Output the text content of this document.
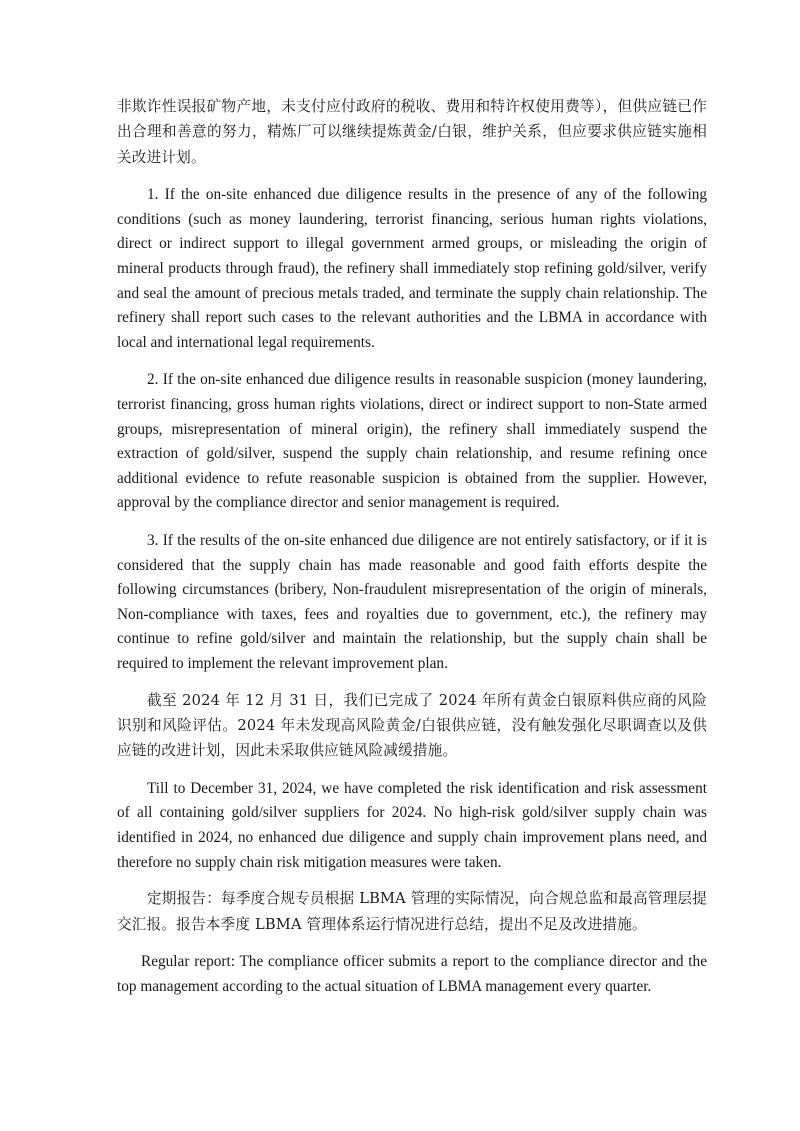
非欺诈性误报矿物产地，未支付应付政府的税收、费用和特许权使用费等），但供应链已作出合理和善意的努力，精炼厂可以继续提炼黄金/白银，维护关系，但应要求供应链实施相关改进计划。

1. If the on-site enhanced due diligence results in the presence of any of the following conditions (such as money laundering, terrorist financing, serious human rights violations, direct or indirect support to illegal government armed groups, or misleading the origin of mineral products through fraud), the refinery shall immediately stop refining gold/silver, verify and seal the amount of precious metals traded, and terminate the supply chain relationship. The refinery shall report such cases to the relevant authorities and the LBMA in accordance with local and international legal requirements.

2. If the on-site enhanced due diligence results in reasonable suspicion (money laundering, terrorist financing, gross human rights violations, direct or indirect support to non-State armed groups, misrepresentation of mineral origin), the refinery shall immediately suspend the extraction of gold/silver, suspend the supply chain relationship, and resume refining once additional evidence to refute reasonable suspicion is obtained from the supplier. However, approval by the compliance director and senior management is required.

3. If the results of the on-site enhanced due diligence are not entirely satisfactory, or if it is considered that the supply chain has made reasonable and good faith efforts despite the following circumstances (bribery, Non-fraudulent misrepresentation of the origin of minerals, Non-compliance with taxes, fees and royalties due to government, etc.), the refinery may continue to refine gold/silver and maintain the relationship, but the supply chain shall be required to implement the relevant improvement plan.

截至 2024 年 12 月 31 日，我们已完成了 2024 年所有黄金白银原料供应商的风险识别和风险评估。2024 年未发现高风险黄金/白银供应链，没有触发强化尽职调查以及供应链的改进计划，因此未采取供应链风险减缓措施。

Till to December 31, 2024, we have completed the risk identification and risk assessment of all containing gold/silver suppliers for 2024. No high-risk gold/silver supply chain was identified in 2024, no enhanced due diligence and supply chain improvement plans need, and therefore no supply chain risk mitigation measures were taken.

定期报告：每季度合规专员根据 LBMA 管理的实际情况，向合规总监和最高管理层提交汇报。报告本季度 LBMA 管理体系运行情况进行总结，提出不足及改进措施。

Regular report: The compliance officer submits a report to the compliance director and the top management according to the actual situation of LBMA management every quarter.
